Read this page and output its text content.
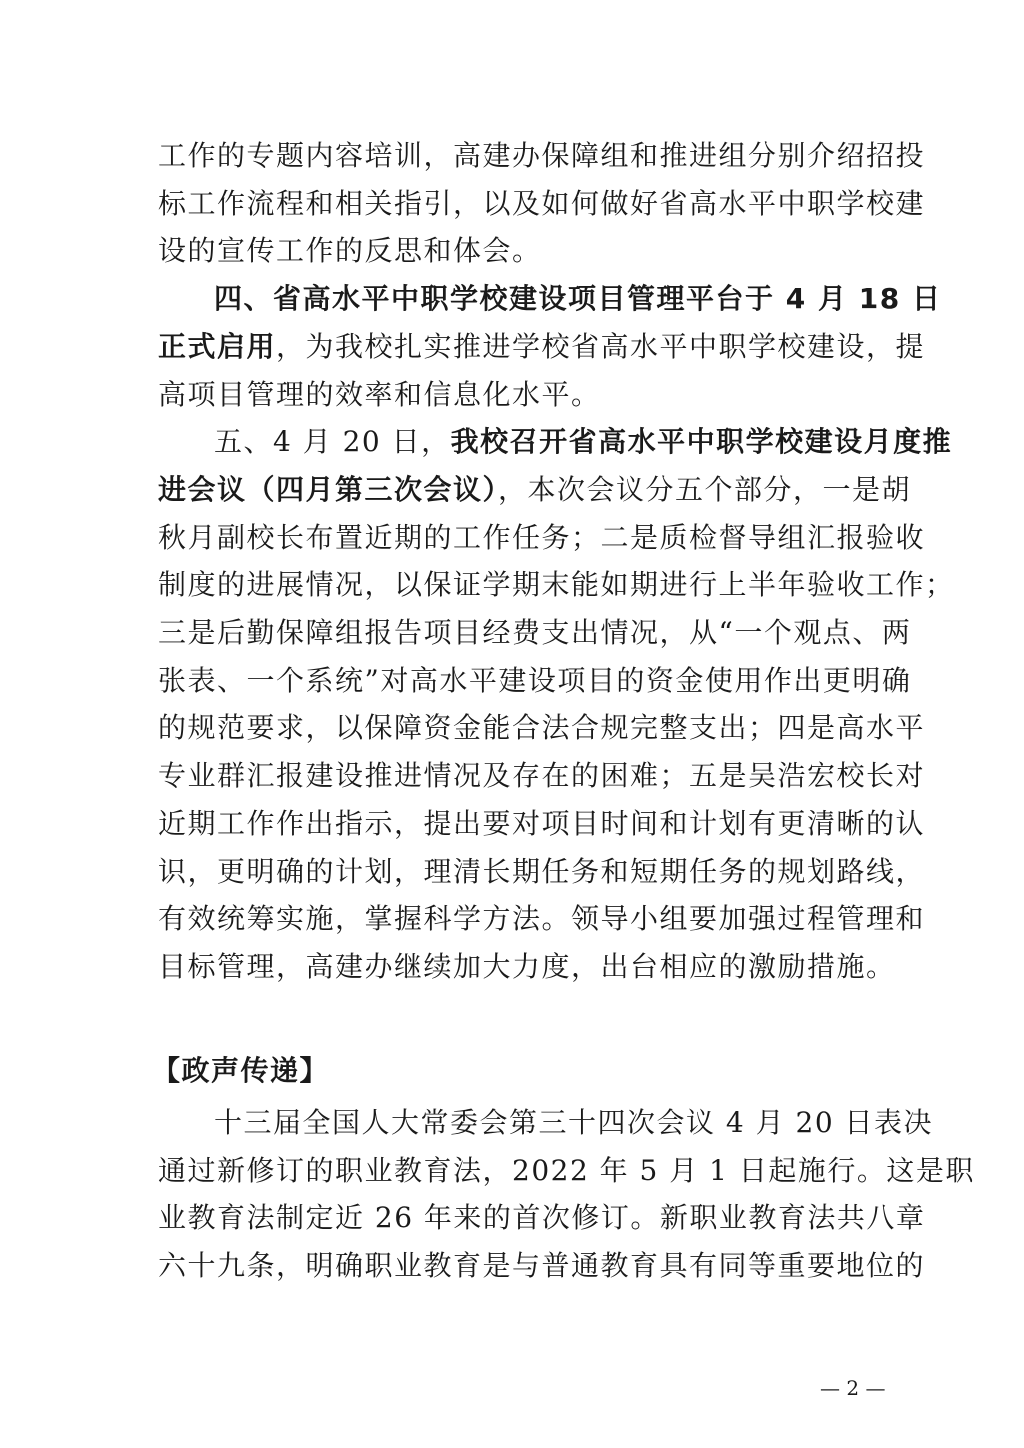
工作的专题内容培训，高建办保障组和推进组分别介绍招投
标工作流程和相关指引，以及如何做好省高水平中职学校建
设的宣传工作的反思和体会。
四、省高水平中职学校建设项目管理平台于 4 月 18 日
正式启用，为我校扎实推进学校省高水平中职学校建设，提
高项目管理的效率和信息化水平。
五、4 月 20 日，我校召开省高水平中职学校建设月度推
进会议（四月第三次会议），本次会议分五个部分，一是胡
秋月副校长布置近期的工作任务；二是质检督导组汇报验收
制度的进展情况，以保证学期末能如期进行上半年验收工作；
三是后勤保障组报告项目经费支出情况，从“一个观点、两
张表、一个系统”对高水平建设项目的资金使用作出更明确
的规范要求，以保障资金能合法合规完整支出；四是高水平
专业群汇报建设推进情况及存在的困难；五是吴浩宏校长对
近期工作作出指示，提出要对项目时间和计划有更清晰的认
识，更明确的计划，理清长期任务和短期任务的规划路线，
有效统筹实施，掌握科学方法。领导小组要加强过程管理和
目标管理，高建办继续加大力度，出台相应的激励措施。
【政声传递】
十三届全国人大常委会第三十四次会议 4 月 20 日表决
通过新修订的职业教育法，2022 年 5 月 1 日起施行。这是职
业教育法制定近 26 年来的首次修订。新职业教育法共八章
六十九条，明确职业教育是与普通教育具有同等重要地位的
— 2 —
